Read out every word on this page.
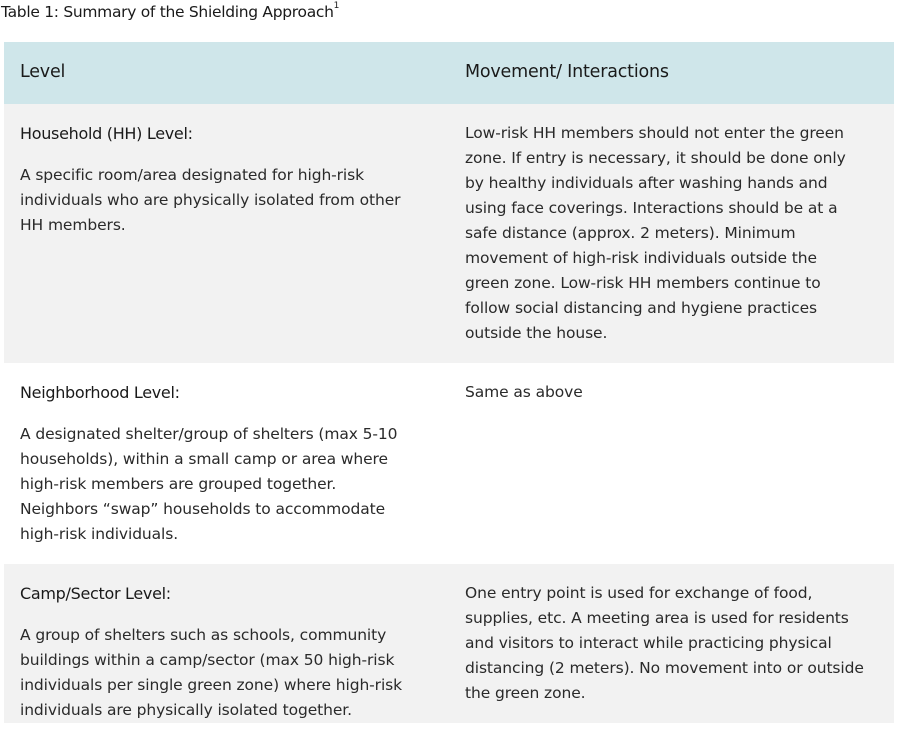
Table 1: Summary of the Shielding Approach$^1$
Level	Movement/ Interactions

Household (HH) Level:

A specific room/area designated for high-risk
individuals who are physically isolated from other
HH members.

Low-risk HH members should not enter the green
zone. If entry is necessary, it should be done only
by healthy individuals after washing hands and
using face coverings. Interactions should be at a
safe distance (approx. 2 meters). Minimum
movement of high-risk individuals outside the
green zone. Low-risk HH members continue to
follow social distancing and hygiene practices
outside the house.

Neighborhood Level:

A designated shelter/group of shelters (max 5-10
households), within a small camp or area where
high-risk members are grouped together.
Neighbors “swap” households to accommodate
high-risk individuals.

Same as above

Camp/Sector Level:

A group of shelters such as schools, community
buildings within a camp/sector (max 50 high-risk
individuals per single green zone) where high-risk
individuals are physically isolated together.

One entry point is used for exchange of food,
supplies, etc. A meeting area is used for residents
and visitors to interact while practicing physical
distancing (2 meters). No movement into or outside
the green zone.
